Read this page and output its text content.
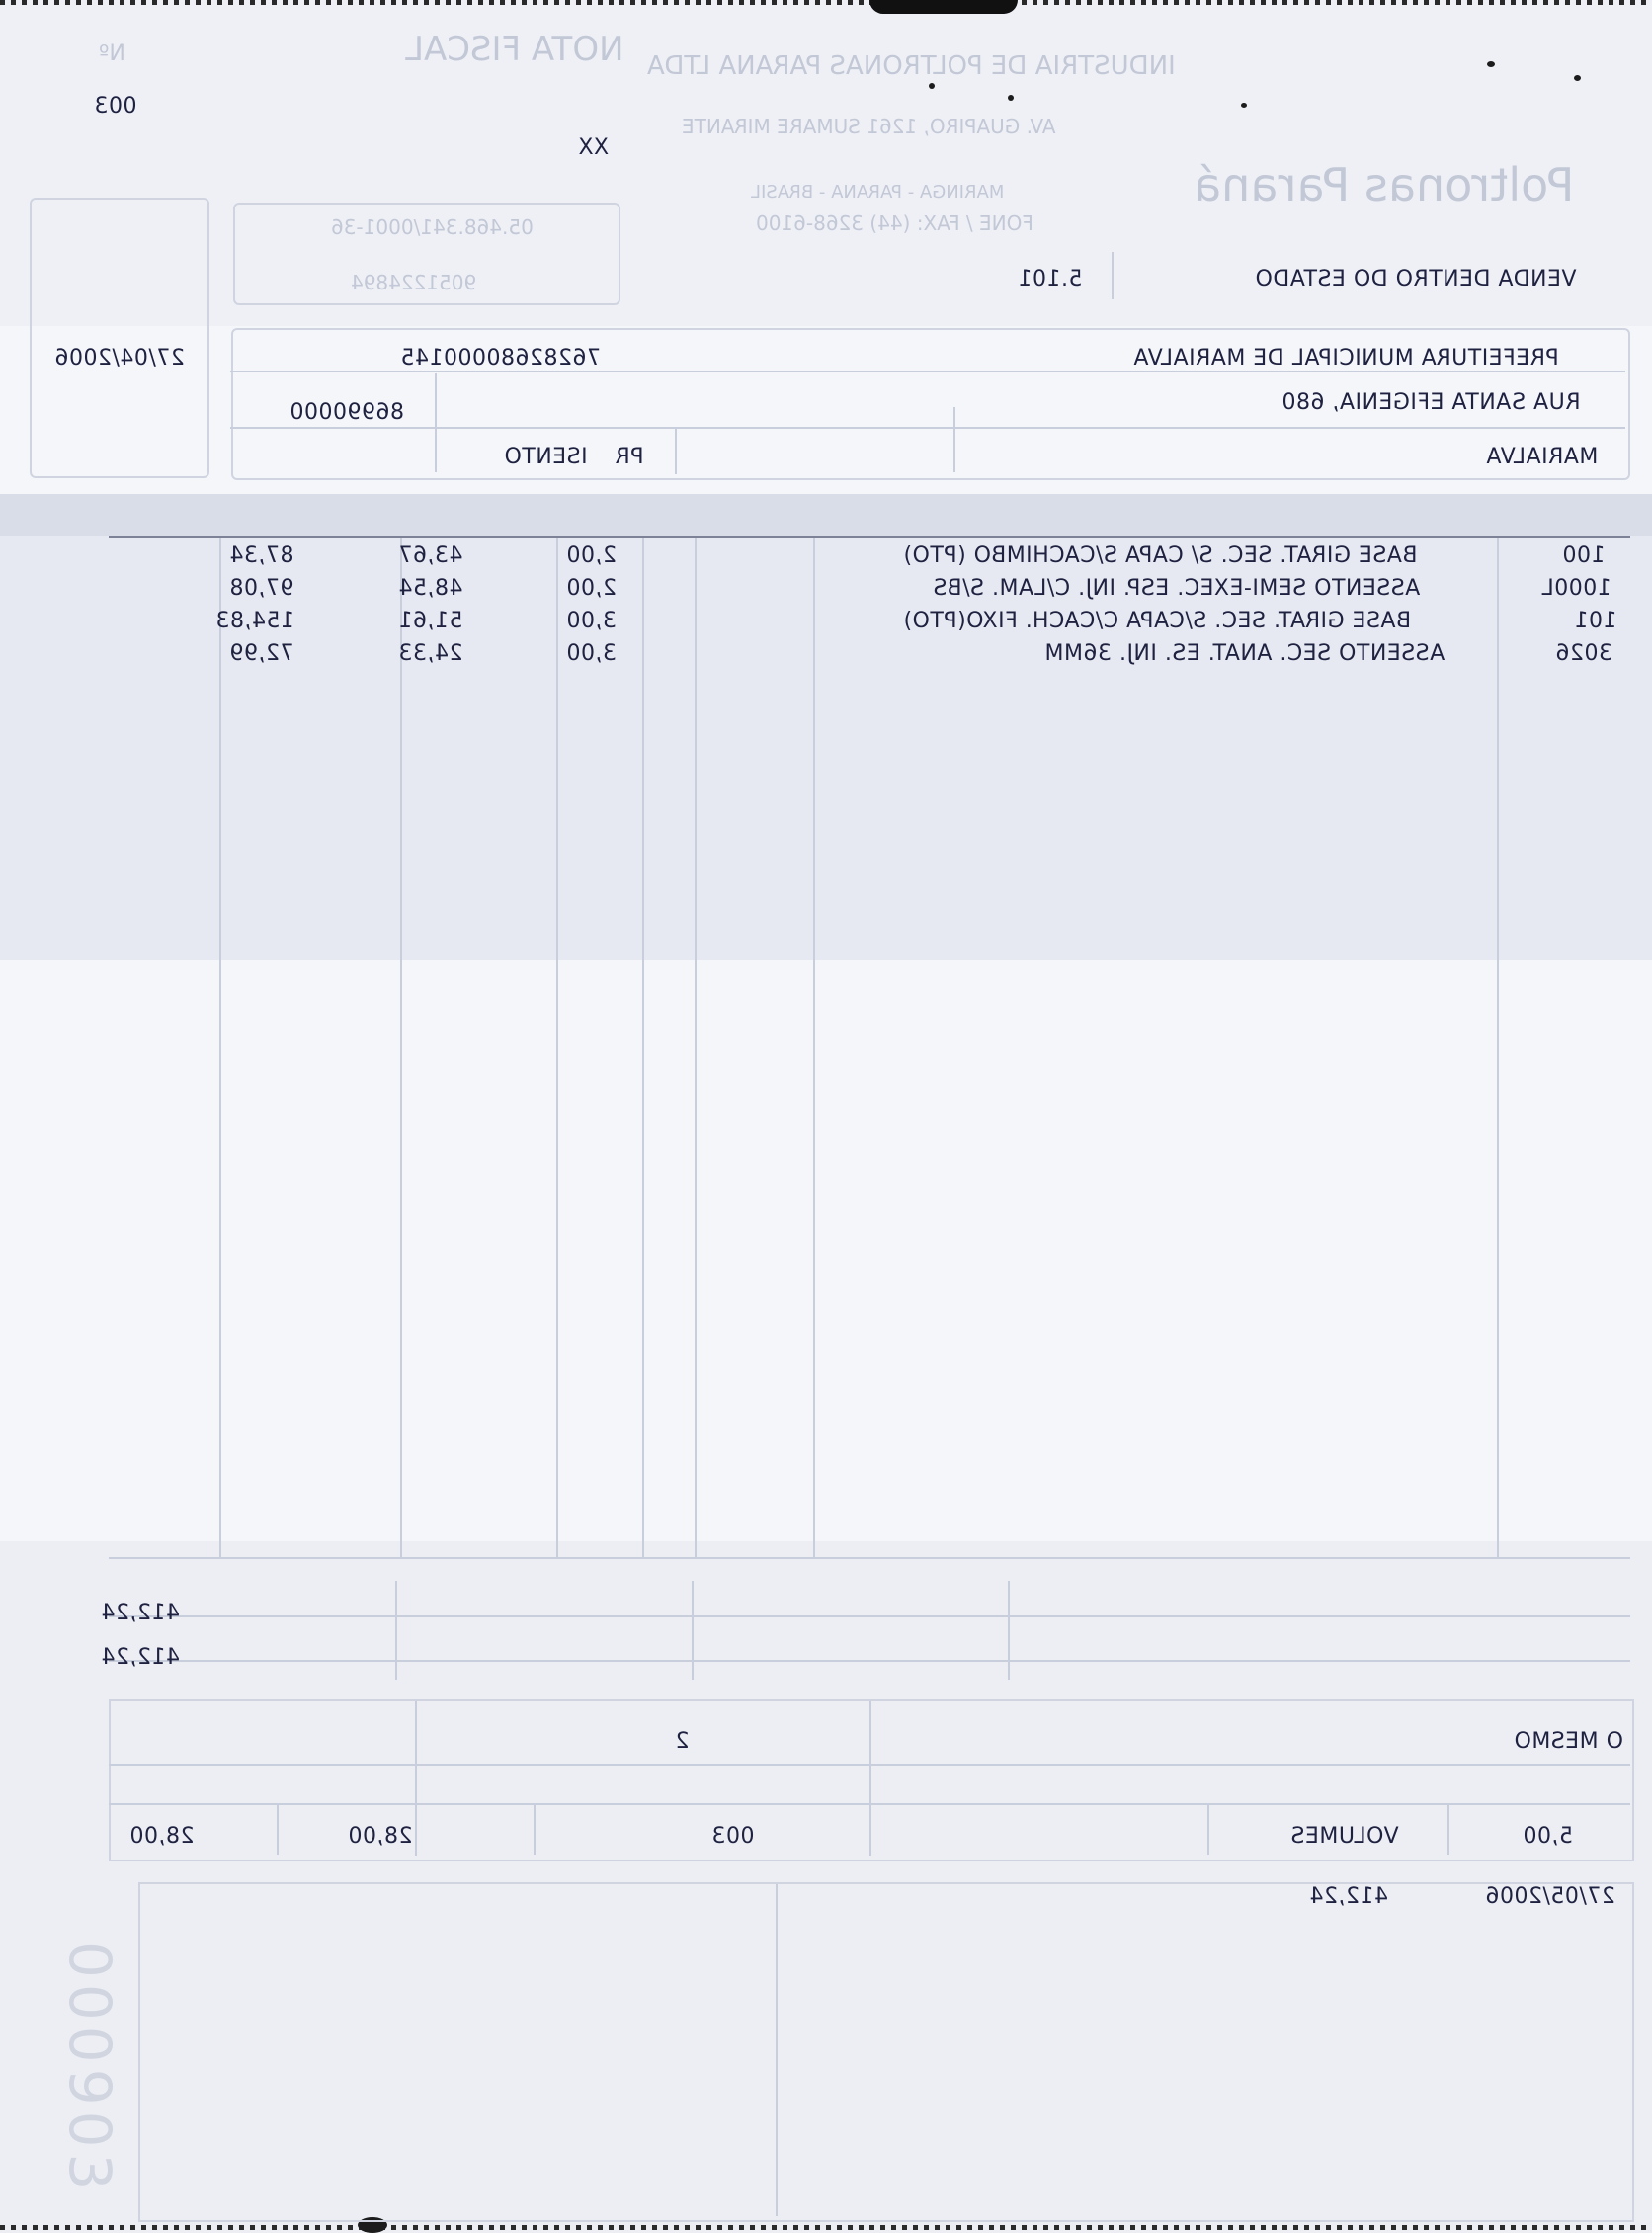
INDUSTRIA DE POLTRONAS PARANA LTDA
NOTA FISCAL
Nº
AV. GUAPIRO, 1261 SUMARE MIRANTE
MARINGA - PARANA - BRASIL
FONE / FAX: (44) 3268-6100
05.468.341/0001-36
9051224894
Poltronas Paraná
003
XX
VENDA DENTRO DO ESTADO
5.101
PREFEITURA MUNICIPAL DE MARIALVA
76282680000145
27/04/2006
RUA SANTA EFIGENIA, 680
86990000
MARIALVA
PR
ISENTO
100
BASE GIRAT. SEC. S/ CAPA S/CACHIMBO (PTO)
2,00
43,67
87,34
1000L
ASSENTO SEMI-EXEC. ESP. INJ. C/LAM. S/BS
2,00
48,54
97,08
101
BASE GIRAT. SEC. S/CAPA C/CACH. FIXO(PTO)
3,00
51,61
154,83
3026
ASSENTO SEC. ANAT. ES. INJ. 36MM
3,00
24,33
72,99
412,24
412,24
O MESMO
2
5,00
VOLUMES
003
28,00
28,00
27/05/2006
412,24
000903
